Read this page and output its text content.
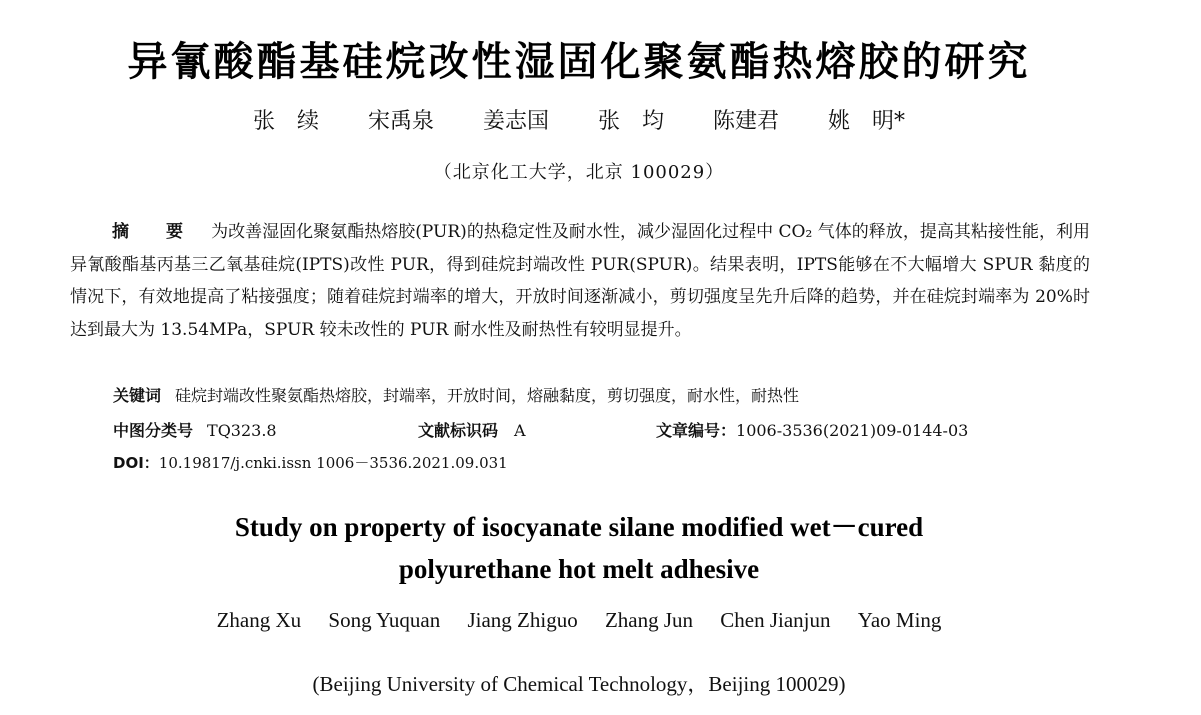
异氰酸酯基硅烷改性湿固化聚氨酯热熔胶的研究
张　续 宋禹泉 姜志国 张　均 陈建君 姚　明*
（北京化工大学，北京 100029）
摘　要 为改善湿固化聚氨酯热熔胶(PUR)的热稳定性及耐水性，减少湿固化过程中 CO₂ 气体的释放，提高其粘接性能，利用异氰酸酯基丙基三乙氧基硅烷(IPTS)改性 PUR，得到硅烷封端改性 PUR(SPUR)。结果表明，IPTS能够在不大幅增大 SPUR 黏度的情况下，有效地提高了粘接强度；随着硅烷封端率的增大，开放时间逐渐减小，剪切强度呈先升后降的趋势，并在硅烷封端率为 20%时达到最大为 13.54MPa，SPUR 较未改性的 PUR 耐水性及耐热性有较明显提升。
关键词 硅烷封端改性聚氨酯热熔胶，封端率，开放时间，熔融黏度，剪切强度，耐水性，耐热性
中图分类号 TQ323.8	文献标识码 A	文章编号：1006-3536(2021)09-0144-03
DOI：10.19817/j.cnki.issn 1006－3536.2021.09.031
Study on property of isocyanate silane modified wet－cured
polyurethane hot melt adhesive
Zhang Xu Song Yuquan Jiang Zhiguo Zhang Jun Chen Jianjun Yao Ming
(Beijing University of Chemical Technology，Beijing 100029)
